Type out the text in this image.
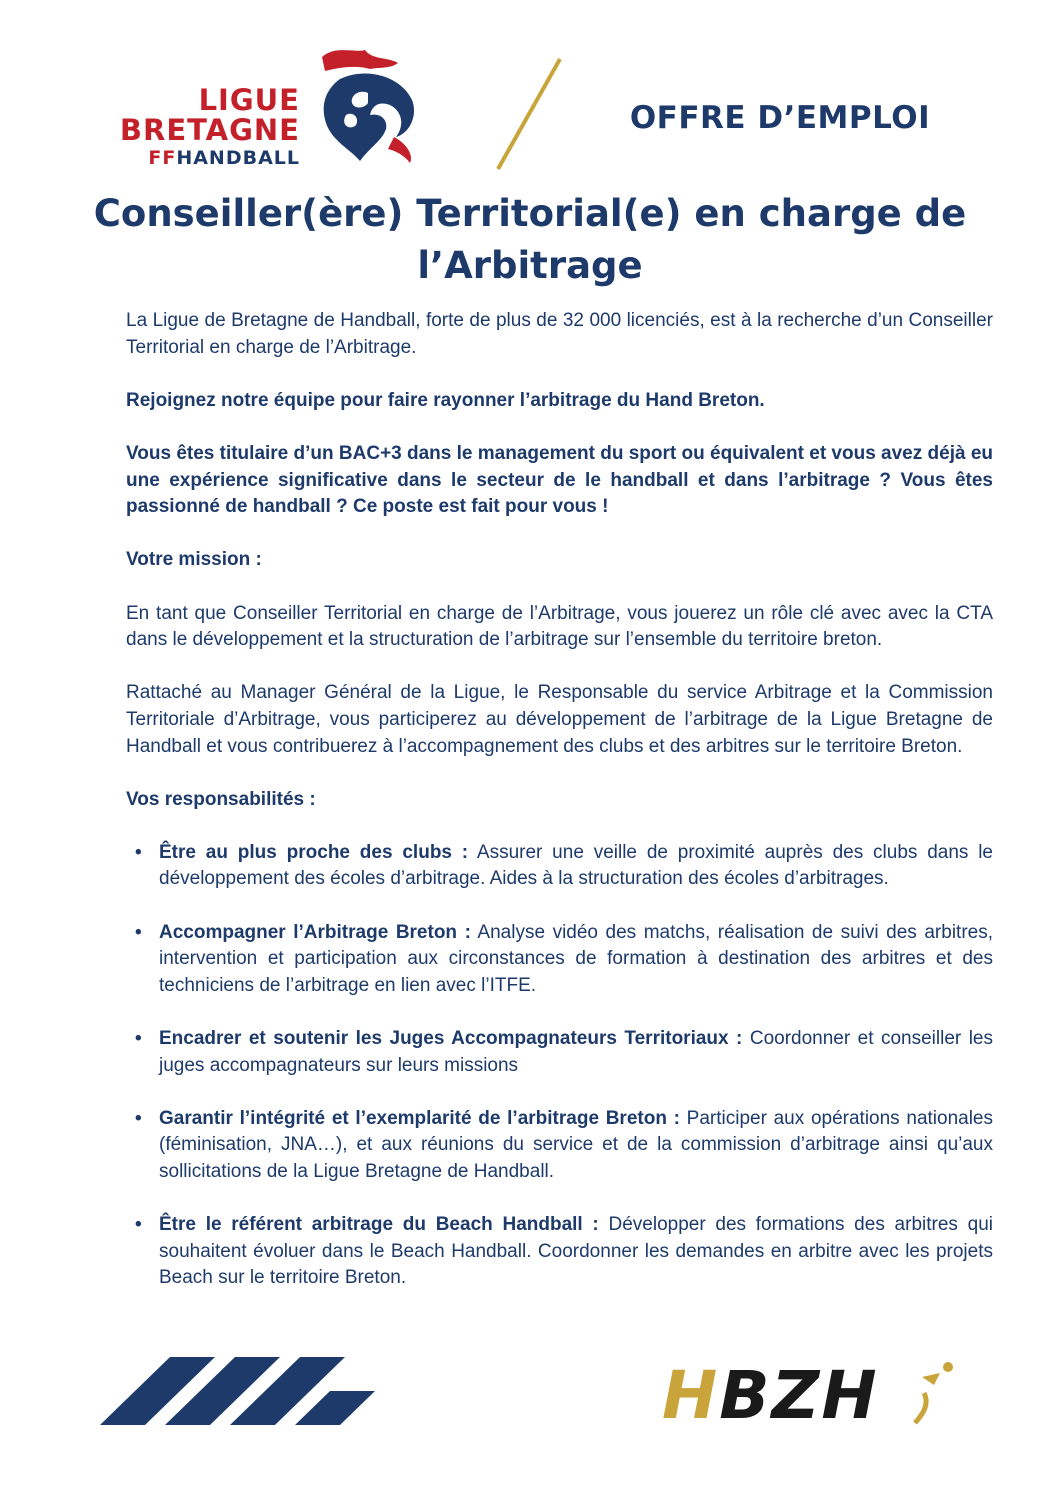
LIGUE
BRETAGNE
FFHANDBALL
OFFRE D’EMPLOI
Conseiller(ère) Territorial(e) en charge de l’Arbitrage

La Ligue de Bretagne de Handball, forte de plus de 32 000 licenciés, est à la recherche d’un Conseiller Territorial en charge de l’Arbitrage.

Rejoignez notre équipe pour faire rayonner l’arbitrage du Hand Breton.

Vous êtes titulaire d’un BAC+3 dans le management du sport ou équivalent et vous avez déjà eu une expérience significative dans le secteur de le handball et dans l’arbitrage ? Vous êtes passionné de handball ? Ce poste est fait pour vous !

Votre mission :

En tant que Conseiller Territorial en charge de l’Arbitrage, vous jouerez un rôle clé avec avec la CTA dans le développement et la structuration de l’arbitrage sur l’ensemble du territoire breton.

Rattaché au Manager Général de la Ligue, le Responsable du service Arbitrage et la Commission Territoriale d’Arbitrage, vous participerez au développement de l’arbitrage de la Ligue Bretagne de Handball et vous contribuerez à l’accompagnement des clubs et des arbitres sur le territoire Breton.

Vos responsabilités :

• Être au plus proche des clubs : Assurer une veille de proximité auprès des clubs dans le développement des écoles d’arbitrage. Aides à la structuration des écoles d’arbitrages.
• Accompagner l’Arbitrage Breton : Analyse vidéo des matchs, réalisation de suivi des arbitres, intervention et participation aux circonstances de formation à destination des arbitres et des techniciens de l’arbitrage en lien avec l’ITFE.
• Encadrer et soutenir les Juges Accompagnateurs Territoriaux : Coordonner et conseiller les juges accompagnateurs sur leurs missions
• Garantir l’intégrité et l’exemplarité de l’arbitrage Breton : Participer aux opérations nationales (féminisation, JNA…), et aux réunions du service et de la commission d’arbitrage ainsi qu’aux sollicitations de la Ligue Bretagne de Handball.
• Être le référent arbitrage du Beach Handball : Développer des formations des arbitres qui souhaitent évoluer dans le Beach Handball. Coordonner les demandes en arbitre avec les projets Beach sur le territoire Breton.
HBZH
